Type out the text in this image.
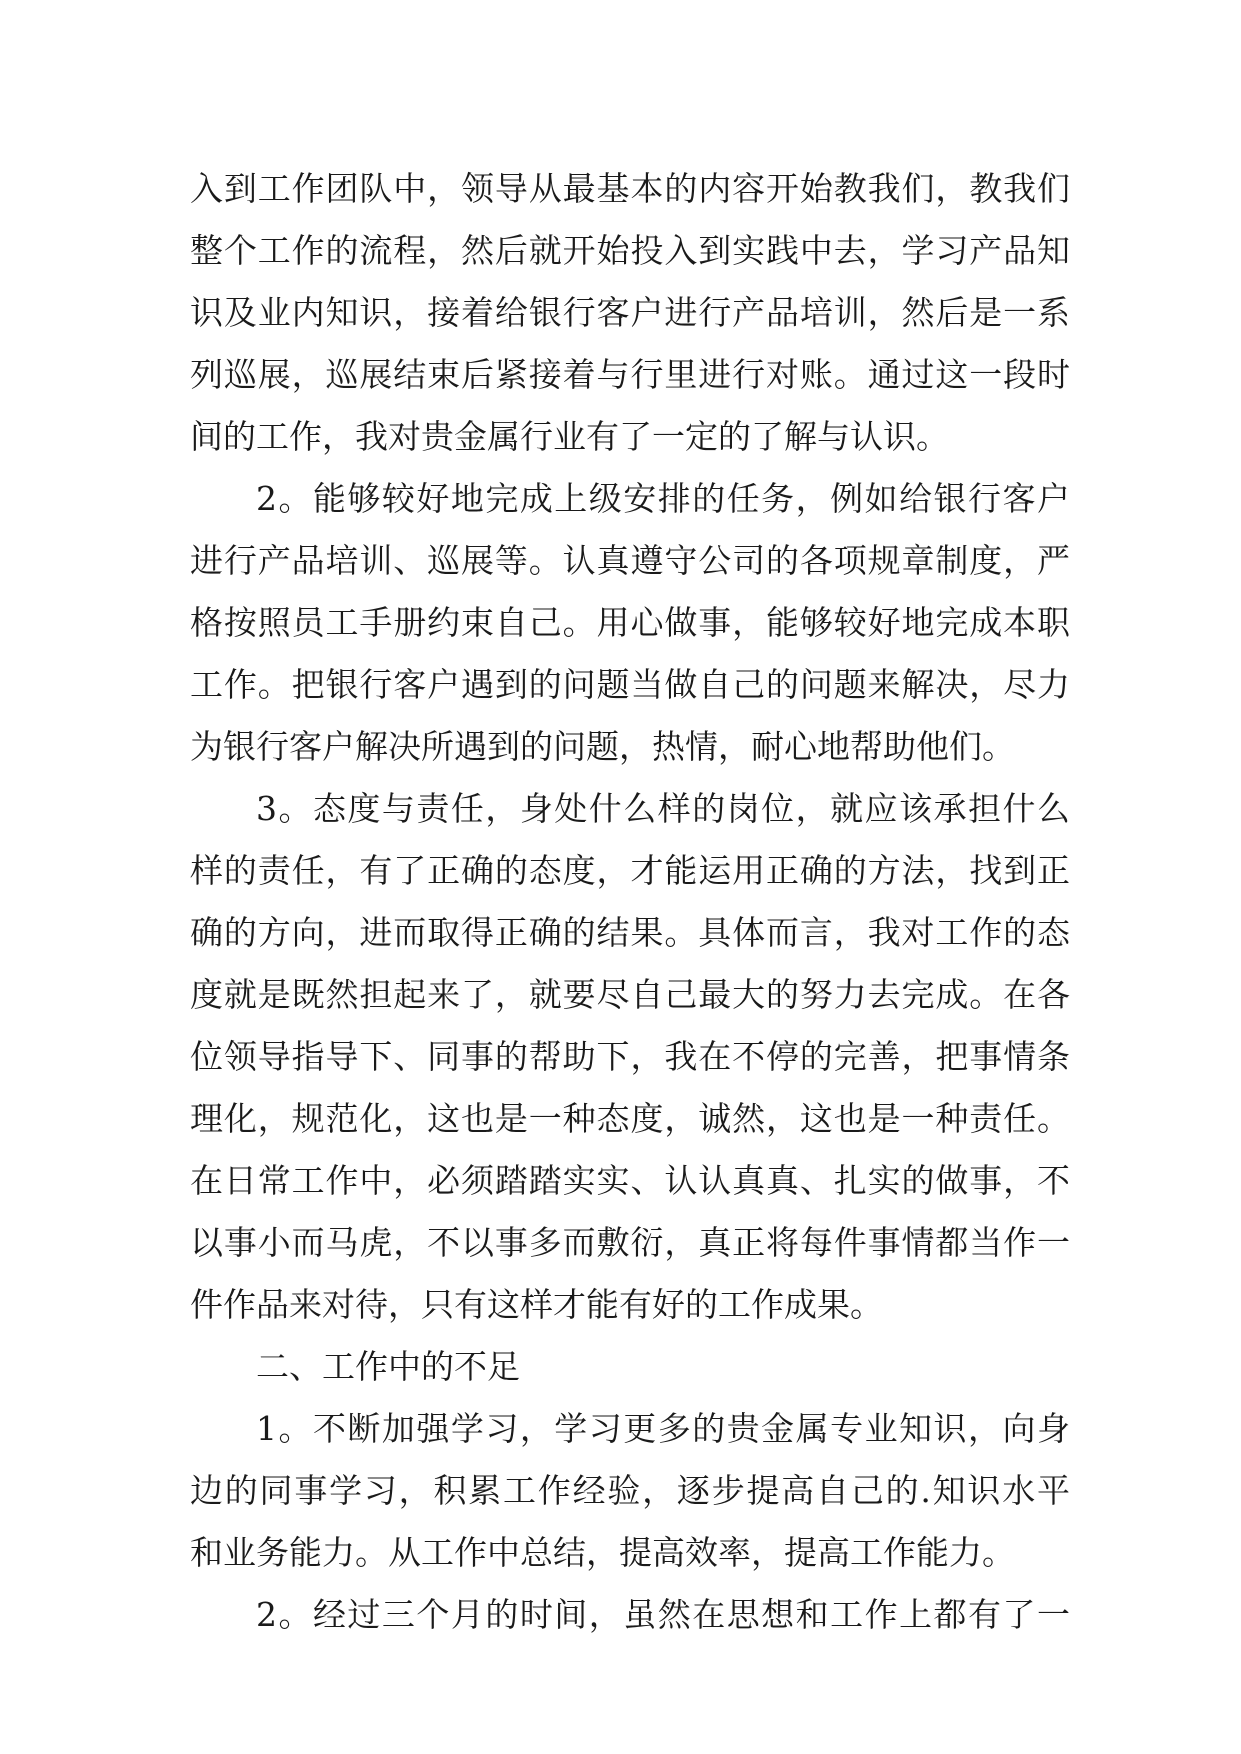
入到工作团队中，领导从最基本的内容开始教我们，教我们
整个工作的流程，然后就开始投入到实践中去，学习产品知
识及业内知识，接着给银行客户进行产品培训，然后是一系
列巡展，巡展结束后紧接着与行里进行对账。通过这一段时
间的工作，我对贵金属行业有了一定的了解与认识。
2。能够较好地完成上级安排的任务，例如给银行客户
进行产品培训、巡展等。认真遵守公司的各项规章制度，严
格按照员工手册约束自己。用心做事，能够较好地完成本职
工作。把银行客户遇到的问题当做自己的问题来解决，尽力
为银行客户解决所遇到的问题，热情，耐心地帮助他们。
3。态度与责任，身处什么样的岗位，就应该承担什么
样的责任，有了正确的态度，才能运用正确的方法，找到正
确的方向，进而取得正确的结果。具体而言，我对工作的态
度就是既然担起来了，就要尽自己最大的努力去完成。在各
位领导指导下、同事的帮助下，我在不停的完善，把事情条
理化，规范化，这也是一种态度，诚然，这也是一种责任。
在日常工作中，必须踏踏实实、认认真真、扎实的做事，不
以事小而马虎，不以事多而敷衍，真正将每件事情都当作一
件作品来对待，只有这样才能有好的工作成果。
二、工作中的不足
1。不断加强学习，学习更多的贵金属专业知识，向身
边的同事学习，积累工作经验，逐步提高自己的.知识水平
和业务能力。从工作中总结，提高效率，提高工作能力。
2。经过三个月的时间，虽然在思想和工作上都有了一
